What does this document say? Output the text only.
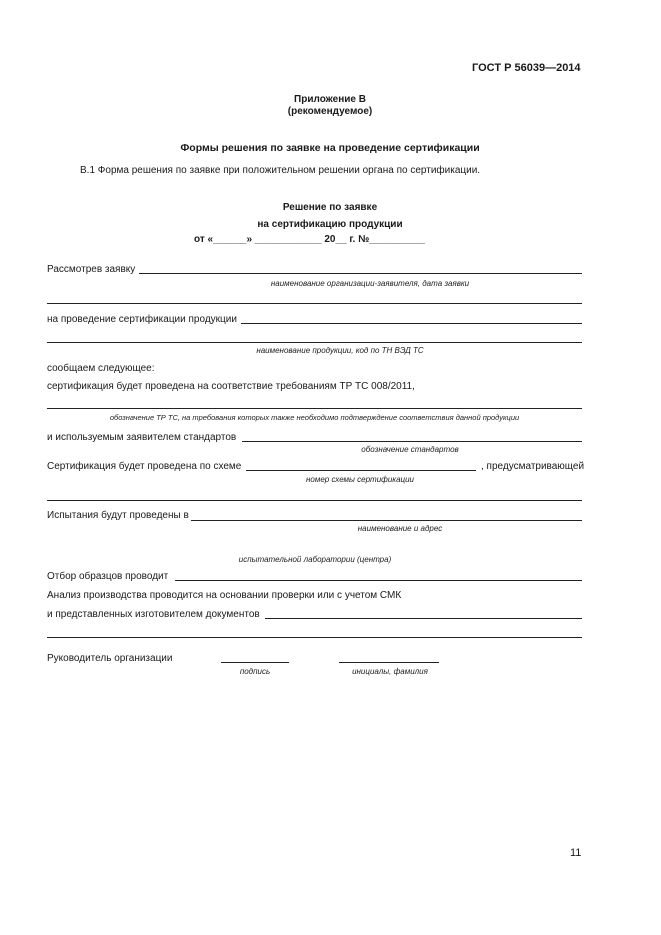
ГОСТ Р 56039—2014
Приложение В
(рекомендуемое)
Формы решения по заявке на проведение сертификации
В.1 Форма решения по заявке при положительном решении органа по сертификации.
Решение по заявке
на сертификацию продукции
от «______» ____________ 20__ г. №__________
Рассмотрев заявку
наименование организации-заявителя, дата заявки
на проведение сертификации продукции
наименование продукции, код по ТН ВЭД ТС
сообщаем следующее:
сертификация будет проведена на соответствие требованиям ТР ТС 008/2011,
обозначение ТР ТС, на требования которых также необходимо подтверждение соответствия данной продукции
и используемым заявителем стандартов
обозначение стандартов
Сертификация будет проведена по схеме	, предусматривающей
номер схемы сертификации
Испытания будут проведены в
наименование и адрес
испытательной лаборатории (центра)
Отбор образцов проводит
Анализ производства проводится на основании проверки или с учетом СМК
и представленных изготовителем документов
Руководитель организации
подпись	инициалы, фамилия
11
